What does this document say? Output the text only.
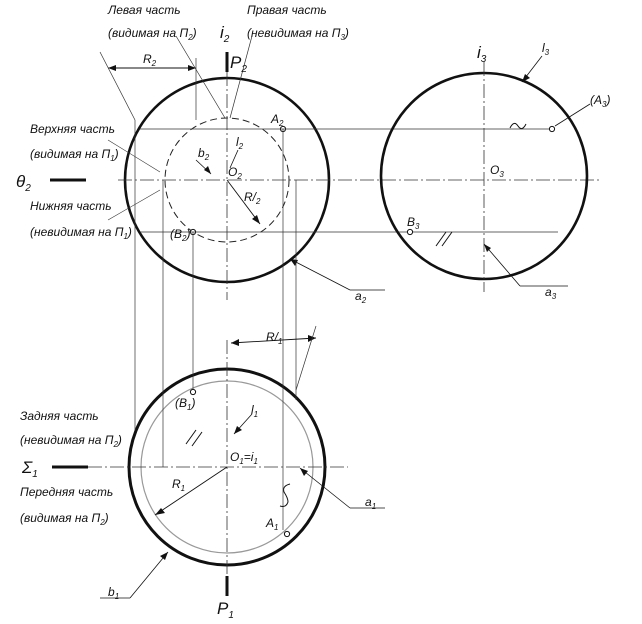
Левая часть
(видимая на $П_2$)
Правая часть
(невидимая на $П_3$)
Верхняя часть
(видимая на $П_1$)
Нижняя часть
(невидимая на $П_1$)
Задняя часть
(невидимая на $П_2$)
Передняя часть
(видимая на $П_2$)
$\theta_2$
$\Sigma_1$
$P_2$
$P_1$
$i_2$
$R_2$
$A_2$
$l_2$
$b_2$
$O_2$
$R/_2$
$(B_2)$
$a_2$
$i_3$
$l_3$
$(A_3)$
$O_3$
$B_3$
$a_3$
$R/_1$
$(B_1)$	$l_1$
$O_1=i_1$
$R_1$
$A_1$
$a_1$
$b_1$
